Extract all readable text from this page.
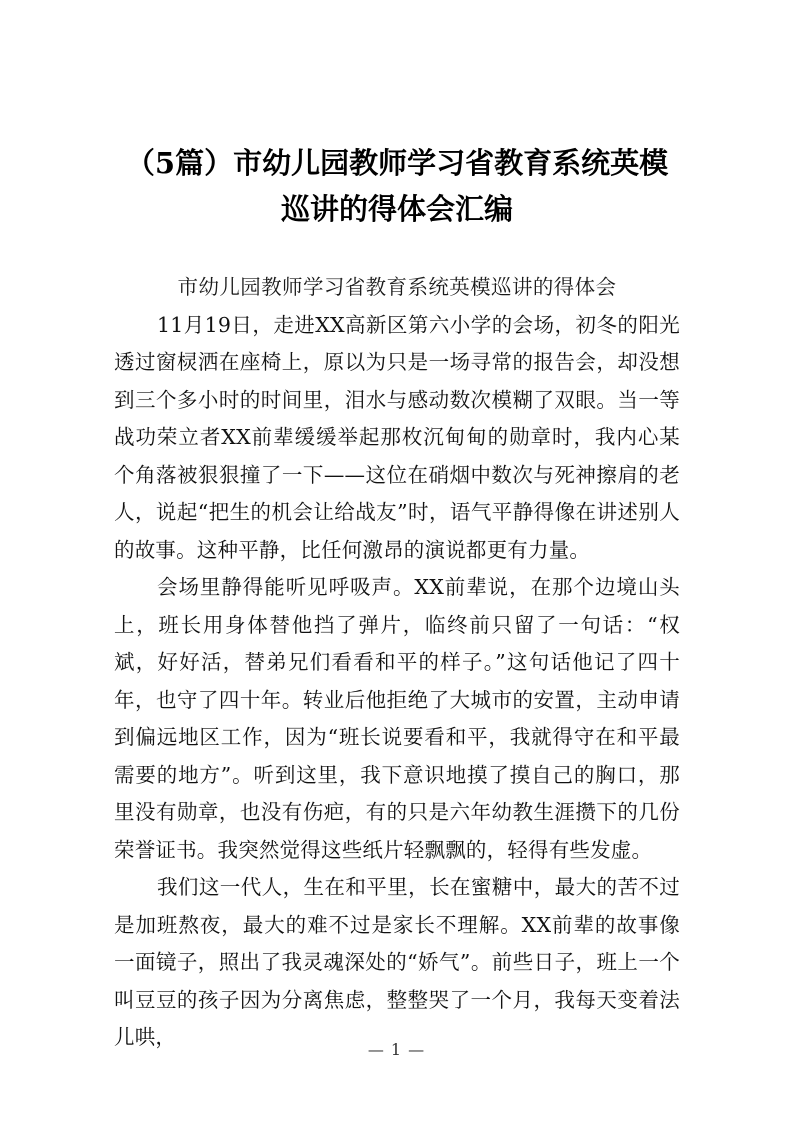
（5篇）市幼儿园教师学习省教育系统英模巡讲的得体会汇编

市幼儿园教师学习省教育系统英模巡讲的得体会

11月19日，走进XX高新区第六小学的会场，初冬的阳光透过窗棂洒在座椅上，原以为只是一场寻常的报告会，却没想到三个多小时的时间里，泪水与感动数次模糊了双眼。当一等战功荣立者XX前辈缓缓举起那枚沉甸甸的勋章时，我内心某个角落被狠狠撞了一下——这位在硝烟中数次与死神擦肩的老人，说起“把生的机会让给战友”时，语气平静得像在讲述别人的故事。这种平静，比任何激昂的演说都更有力量。

会场里静得能听见呼吸声。XX前辈说，在那个边境山头上，班长用身体替他挡了弹片，临终前只留了一句话：“权斌，好好活，替弟兄们看看和平的样子。”这句话他记了四十年，也守了四十年。转业后他拒绝了大城市的安置，主动申请到偏远地区工作，因为“班长说要看和平，我就得守在和平最需要的地方”。听到这里，我下意识地摸了摸自己的胸口，那里没有勋章，也没有伤疤，有的只是六年幼教生涯攒下的几份荣誉证书。我突然觉得这些纸片轻飘飘的，轻得有些发虚。

我们这一代人，生在和平里，长在蜜糖中，最大的苦不过是加班熬夜，最大的难不过是家长不理解。XX前辈的故事像一面镜子，照出了我灵魂深处的“娇气”。前些日子，班上一个叫豆豆的孩子因为分离焦虑，整整哭了一个月，我每天变着法儿哄，

— 1 —
